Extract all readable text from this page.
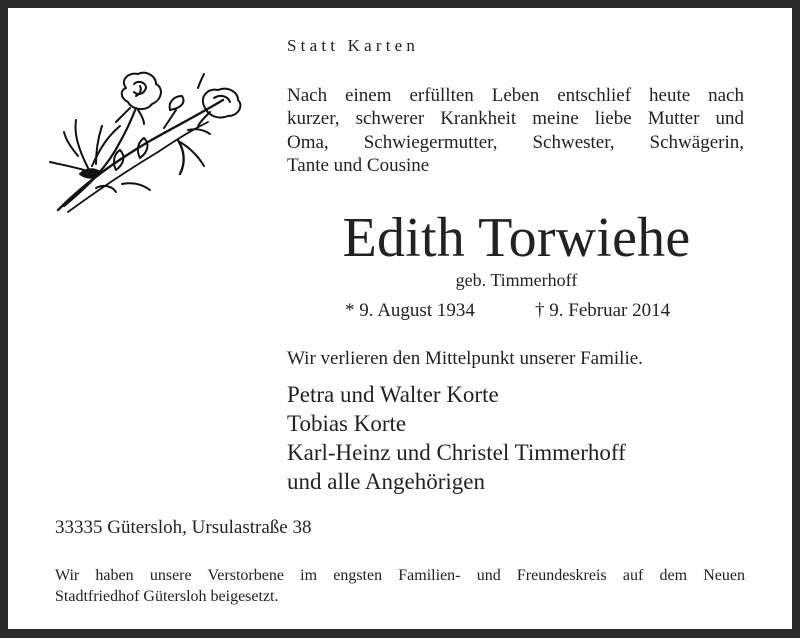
Statt Karten
Nach einem erfüllten Leben entschlief heute nach
kurzer, schwerer Krankheit meine liebe Mutter und
Oma, Schwiegermutter, Schwester, Schwägerin,
Tante und Cousine
Edith Torwiehe
geb. Timmerhoff
* 9. August 1934	† 9. Februar 2014
Wir verlieren den Mittelpunkt unserer Familie.
Petra und Walter Korte
Tobias Korte
Karl-Heinz und Christel Timmerhoff
und alle Angehörigen
33335 Gütersloh, Ursulastraße 38
Wir haben unsere Verstorbene im engsten Familien- und Freundeskreis auf dem Neuen
Stadtfriedhof Gütersloh beigesetzt.
